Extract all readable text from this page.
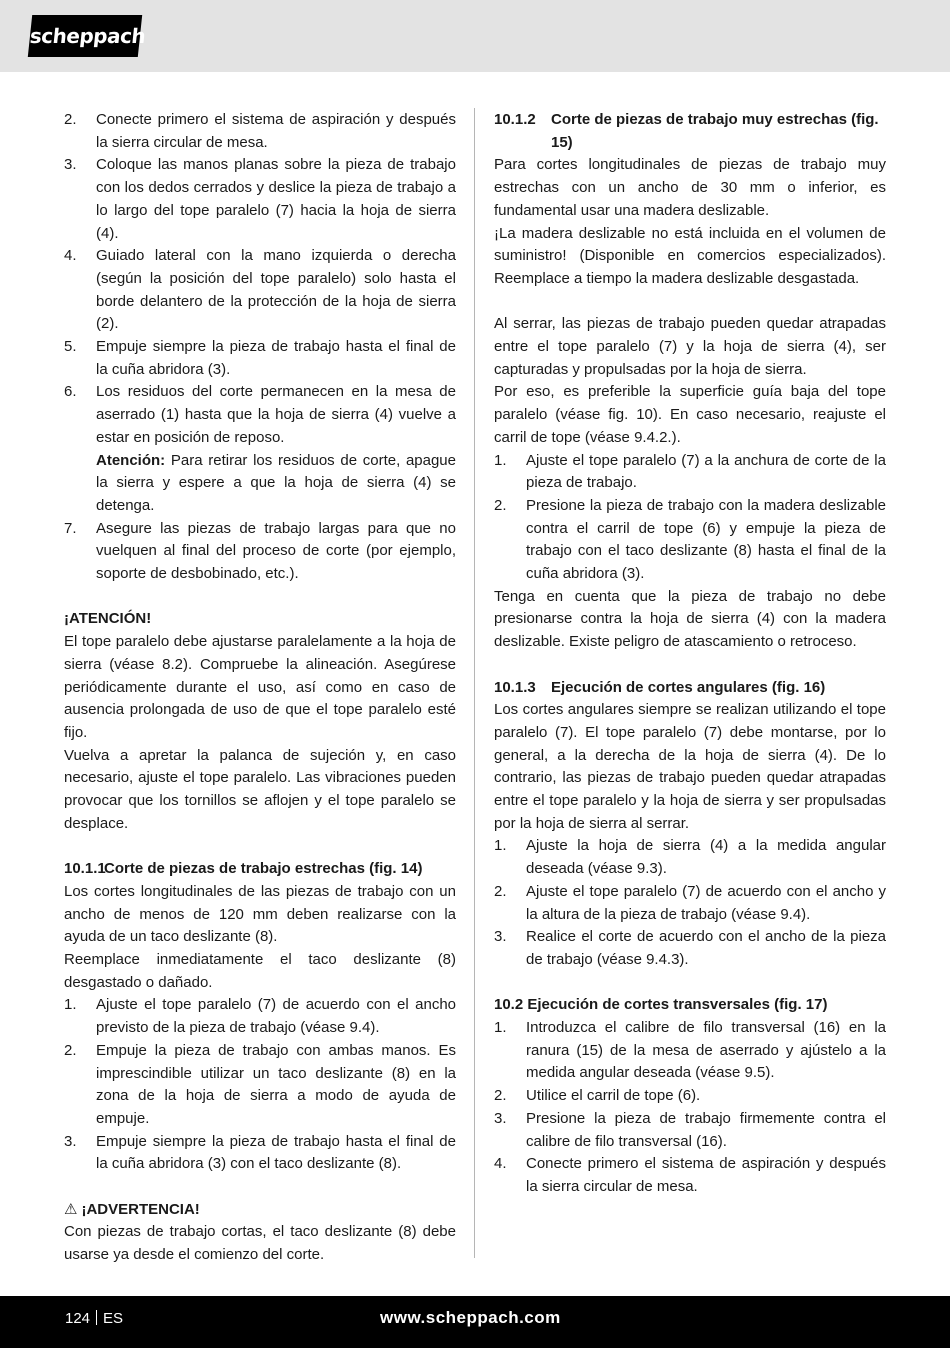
scheppach
2.	Conecte primero el sistema de aspiración y después la sierra circular de mesa.
3.	Coloque las manos planas sobre la pieza de trabajo con los dedos cerrados y deslice la pieza de trabajo a lo largo del tope paralelo (7) hacia la hoja de sierra (4).
4.	Guiado lateral con la mano izquierda o derecha (según la posición del tope paralelo) solo hasta el borde delantero de la protección de la hoja de sierra (2).
5.	Empuje siempre la pieza de trabajo hasta el final de la cuña abridora (3).
6.	Los residuos del corte permanecen en la mesa de aserrado (1) hasta que la hoja de sierra (4) vuelve a estar en posición de reposo.
Atención: Para retirar los residuos de corte, apague la sierra y espere a que la hoja de sierra (4) se detenga.
7.	Asegure las piezas de trabajo largas para que no vuelquen al final del proceso de corte (por ejemplo, soporte de desbobinado, etc.).

¡ATENCIÓN!

El tope paralelo debe ajustarse paralelamente a la hoja de sierra (véase 8.2). Compruebe la alineación. Asegúrese periódicamente durante el uso, así como en caso de ausencia prolongada de uso de que el tope paralelo esté fijo.

Vuelva a apretar la palanca de sujeción y, en caso necesario, ajuste el tope paralelo. Las vibraciones pueden provocar que los tornillos se aflojen y el tope paralelo se desplace.

10.1.1
Corte de piezas de trabajo estrechas (fig. 14)

Los cortes longitudinales de las piezas de trabajo con un ancho de menos de 120 mm deben realizarse con la ayuda de un taco deslizante (8).

Reemplace inmediatamente el taco deslizante (8) desgastado o dañado.

1.	Ajuste el tope paralelo (7) de acuerdo con el ancho previsto de la pieza de trabajo (véase 9.4).
2.	Empuje la pieza de trabajo con ambas manos. Es imprescindible utilizar un taco deslizante (8) en la zona de la hoja de sierra a modo de ayuda de empuje.
3.	Empuje siempre la pieza de trabajo hasta el final de la cuña abridora (3) con el taco deslizante (8).

⚠ ¡ADVERTENCIA!

Con piezas de trabajo cortas, el taco deslizante (8) debe usarse ya desde el comienzo del corte.

10.1.2	Corte de piezas de trabajo muy estrechas (fig. 15)

Para cortes longitudinales de piezas de trabajo muy estrechas con un ancho de 30 mm o inferior, es fundamental usar una madera deslizable.

¡La madera deslizable no está incluida en el volumen de suministro! (Disponible en comercios especializados). Reemplace a tiempo la madera deslizable desgastada.

Al serrar, las piezas de trabajo pueden quedar atrapadas entre el tope paralelo (7) y la hoja de sierra (4), ser capturadas y propulsadas por la hoja de sierra.

Por eso, es preferible la superficie guía baja del tope paralelo (véase fig. 10). En caso necesario, reajuste el carril de tope (véase 9.4.2.).

1.	Ajuste el tope paralelo (7) a la anchura de corte de la pieza de trabajo.
2.	Presione la pieza de trabajo con la madera deslizable contra el carril de tope (6) y empuje la pieza de trabajo con el taco deslizante (8) hasta el final de la cuña abridora (3).

Tenga en cuenta que la pieza de trabajo no debe presionarse contra la hoja de sierra (4) con la madera deslizable. Existe peligro de atascamiento o retroceso.

10.1.3	Ejecución de cortes angulares (fig. 16)

Los cortes angulares siempre se realizan utilizando el tope paralelo (7). El tope paralelo (7) debe montarse, por lo general, a la derecha de la hoja de sierra (4). De lo contrario, las piezas de trabajo pueden quedar atrapadas entre el tope paralelo y la hoja de sierra y ser propulsadas por la hoja de sierra al serrar.

1.	Ajuste la hoja de sierra (4) a la medida angular deseada (véase 9.3).
2.	Ajuste el tope paralelo (7) de acuerdo con el ancho y la altura de la pieza de trabajo (véase 9.4).
3.	Realice el corte de acuerdo con el ancho de la pieza de trabajo (véase 9.4.3).

10.2 Ejecución de cortes transversales (fig. 17)

1.	Introduzca el calibre de filo transversal (16) en la ranura (15) de la mesa de aserrado y ajústelo a la medida angular deseada (véase 9.5).
2.	Utilice el carril de tope (6).
3.	Presione la pieza de trabajo firmemente contra el calibre de filo transversal (16).
4.	Conecte primero el sistema de aspiración y después la sierra circular de mesa.
124 ES	www.scheppach.com
